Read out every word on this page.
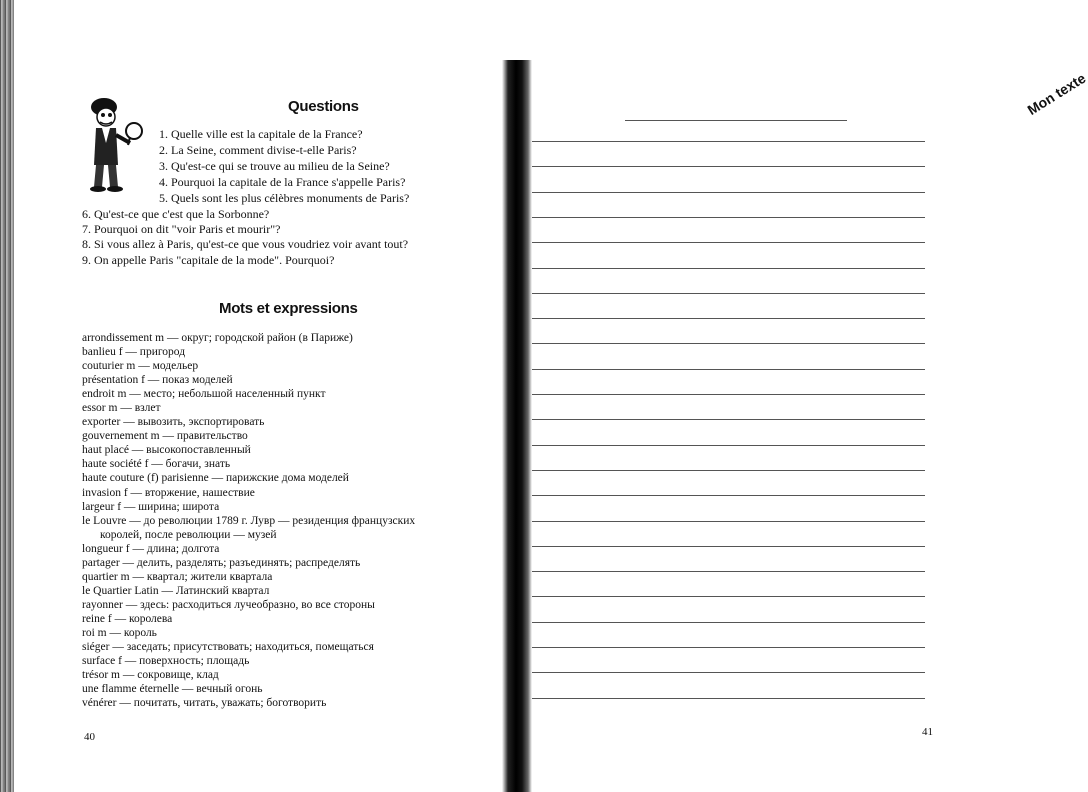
Questions
1. Quelle ville est la capitale de la France?
2. La Seine, comment divise-t-elle Paris?
3. Qu'est-ce qui se trouve au milieu de la Seine?
4. Pourquoi la capitale de la France s'appelle Paris?
5. Quels sont les plus célèbres monuments de Paris?
6. Qu'est-ce que c'est que la Sorbonne?
7. Pourquoi on dit "voir Paris et mourir"?
8. Si vous allez à Paris, qu'est-ce que vous voudriez voir avant tout?
9. On appelle Paris "capitale de la mode". Pourquoi?
Mots et expressions
arrondissement m — округ; городской район (в Париже)
banlieu f — пригород
couturier m — модельер
présentation f — показ моделей
endroit m — место; небольшой населенный пункт
essor m — взлет
exporter — вывозить, экспортировать
gouvernement m — правительство
haut placé — высокопоставленный
haute société f — богачи, знать
haute couture (f) parisienne — парижские дома моделей
invasion f — вторжение, нашествие
largeur f — ширина; широта
le Louvre — до революции 1789 г. Лувр — резиденция французских
королей, после революции — музей
longueur f — длина; долгота
partager — делить, разделять; разъединять; распределять
quartier m — квартал; жители квартала
le Quartier Latin — Латинский квартал
rayonner — здесь: расходиться лучеобразно, во все стороны
reine f — королева
roi m — король
siéger — заседать; присутствовать; находиться, помещаться
surface f — поверхность; площадь
trésor m — сокровище, клад
une flamme éternelle — вечный огонь
vénérer — почитать, читать, уважать; боготворить
40
Mon texte
41
